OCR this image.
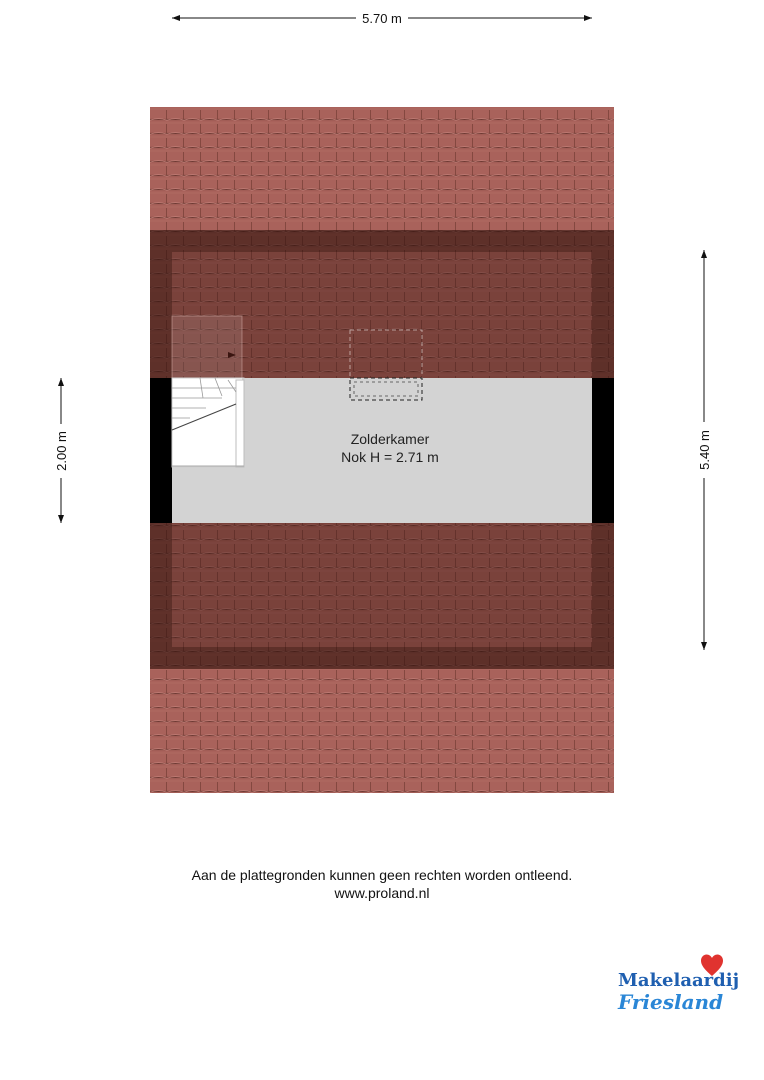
Zolderkamer
Nok H = 2.71 m
5.70 m
5.40 m
2.00 m
Aan de plattegronden kunnen geen rechten worden ontleend.
www.proland.nl
Makelaardij
Friesland
